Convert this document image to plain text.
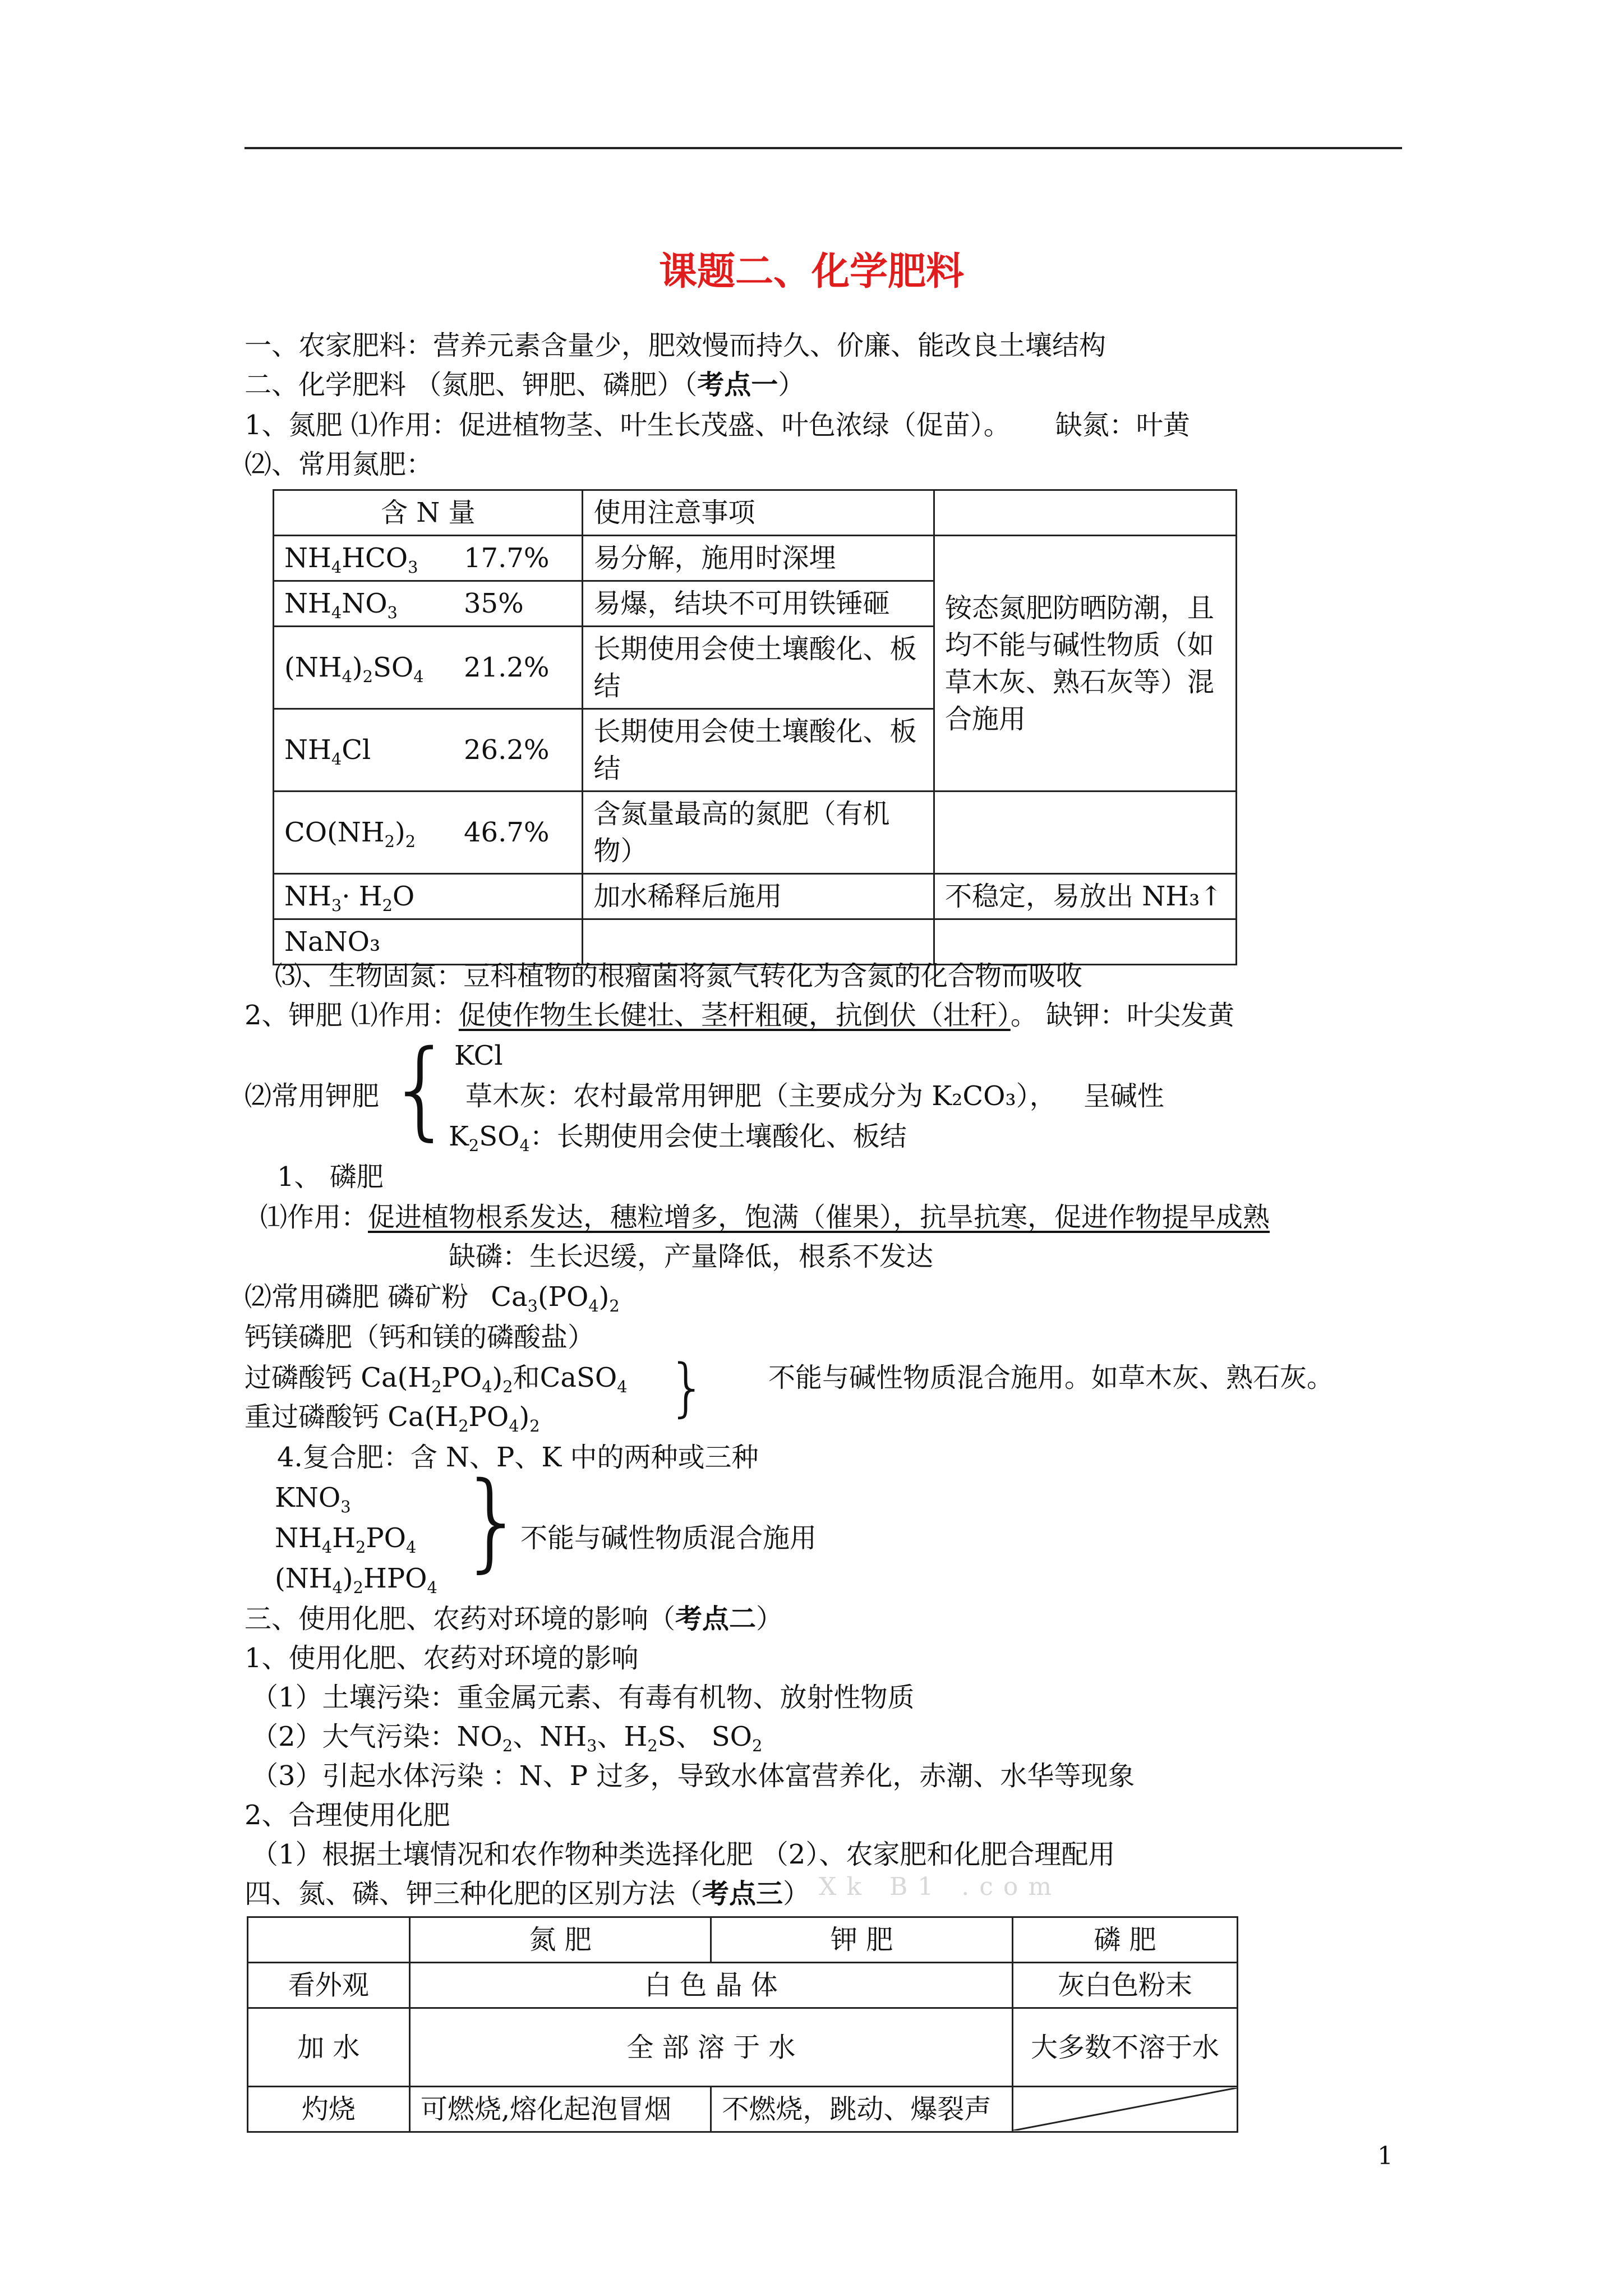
课题二、化学肥料
一、农家肥料：营养元素含量少，肥效慢而持久、价廉、能改良土壤结构
二、化学肥料 （氮肥、钾肥、磷肥）（考点一）
1、氮肥 ⑴作用：促进植物茎、叶生长茂盛、叶色浓绿（促苗）。 缺氮：叶黄
⑵、常用氮肥：
含 N 量	使用注意事项	
$NH_4HCO_3$ 17.7%	易分解，施用时深埋	铵态氮肥防晒防潮，且均不能与碱性物质（如草木灰、熟石灰等）混合施用
$NH_4NO_3$ 35%	易爆，结块不可用铁锤砸	
$(NH_4)_2SO_4$ 21.2%	长期使用会使土壤酸化、板结	
$NH_4Cl$ 26.2%	长期使用会使土壤酸化、板结	
$CO(NH_2)_2$ 46.7%	含氮量最高的氮肥（有机物）	
$NH_3\cdot H_2O$	加水稀释后施用	不稳定，易放出 NH₃↑
NaNO₃		
⑶、生物固氮：豆科植物的根瘤菌将氮气转化为含氮的化合物而吸收
2、钾肥 ⑴作用：促使作物生长健壮、茎杆粗硬，抗倒伏（壮秆）。 缺钾：叶尖发黄
⑵常用钾肥 { KCl
草木灰：农村最常用钾肥（主要成分为 K₂CO₃）， 呈碱性
$K_2SO_4$：长期使用会使土壤酸化、板结
1、 磷肥
⑴作用：促进植物根系发达，穗粒增多，饱满（催果），抗旱抗寒，促进作物提早成熟
缺磷：生长迟缓，产量降低，根系不发达
⑵常用磷肥 磷矿粉 $Ca_3(PO_4)_2$
钙镁磷肥（钙和镁的磷酸盐）
过磷酸钙 $Ca(H_2PO_4)_2$和CaSO$_4$
重过磷酸钙 $Ca(H_2PO_4)_2$
} 不能与碱性物质混合施用。如草木灰、熟石灰。
4.复合肥：含 N、P、K 中的两种或三种
$KNO_3$
$NH_4H_2PO_4$
$(NH_4)_2HPO_4$
}
不能与碱性物质混合施用
三、使用化肥、农药对环境的影响（考点二）
1、使用化肥、农药对环境的影响
（1）土壤污染：重金属元素、有毒有机物、放射性物质
（2）大气污染：$NO_2$、$NH_3$、$H_2S$、 $SO_2$
（3）引起水体污染 ：N、P 过多，导致水体富营养化，赤潮、水华等现象
2、合理使用化肥
（1）根据土壤情况和农作物种类选择化肥 （2）、农家肥和化肥合理配用
四、氮、磷、钾三种化肥的区别方法（考点三） Xk B1 .com
	氮 肥	钾 肥	磷 肥
看外观	白 色 晶 体		灰白色粉末
加 水	全 部 溶 于 水		大多数不溶于水
灼烧	可燃烧,熔化起泡冒烟	不燃烧，跳动、爆裂声	
1
